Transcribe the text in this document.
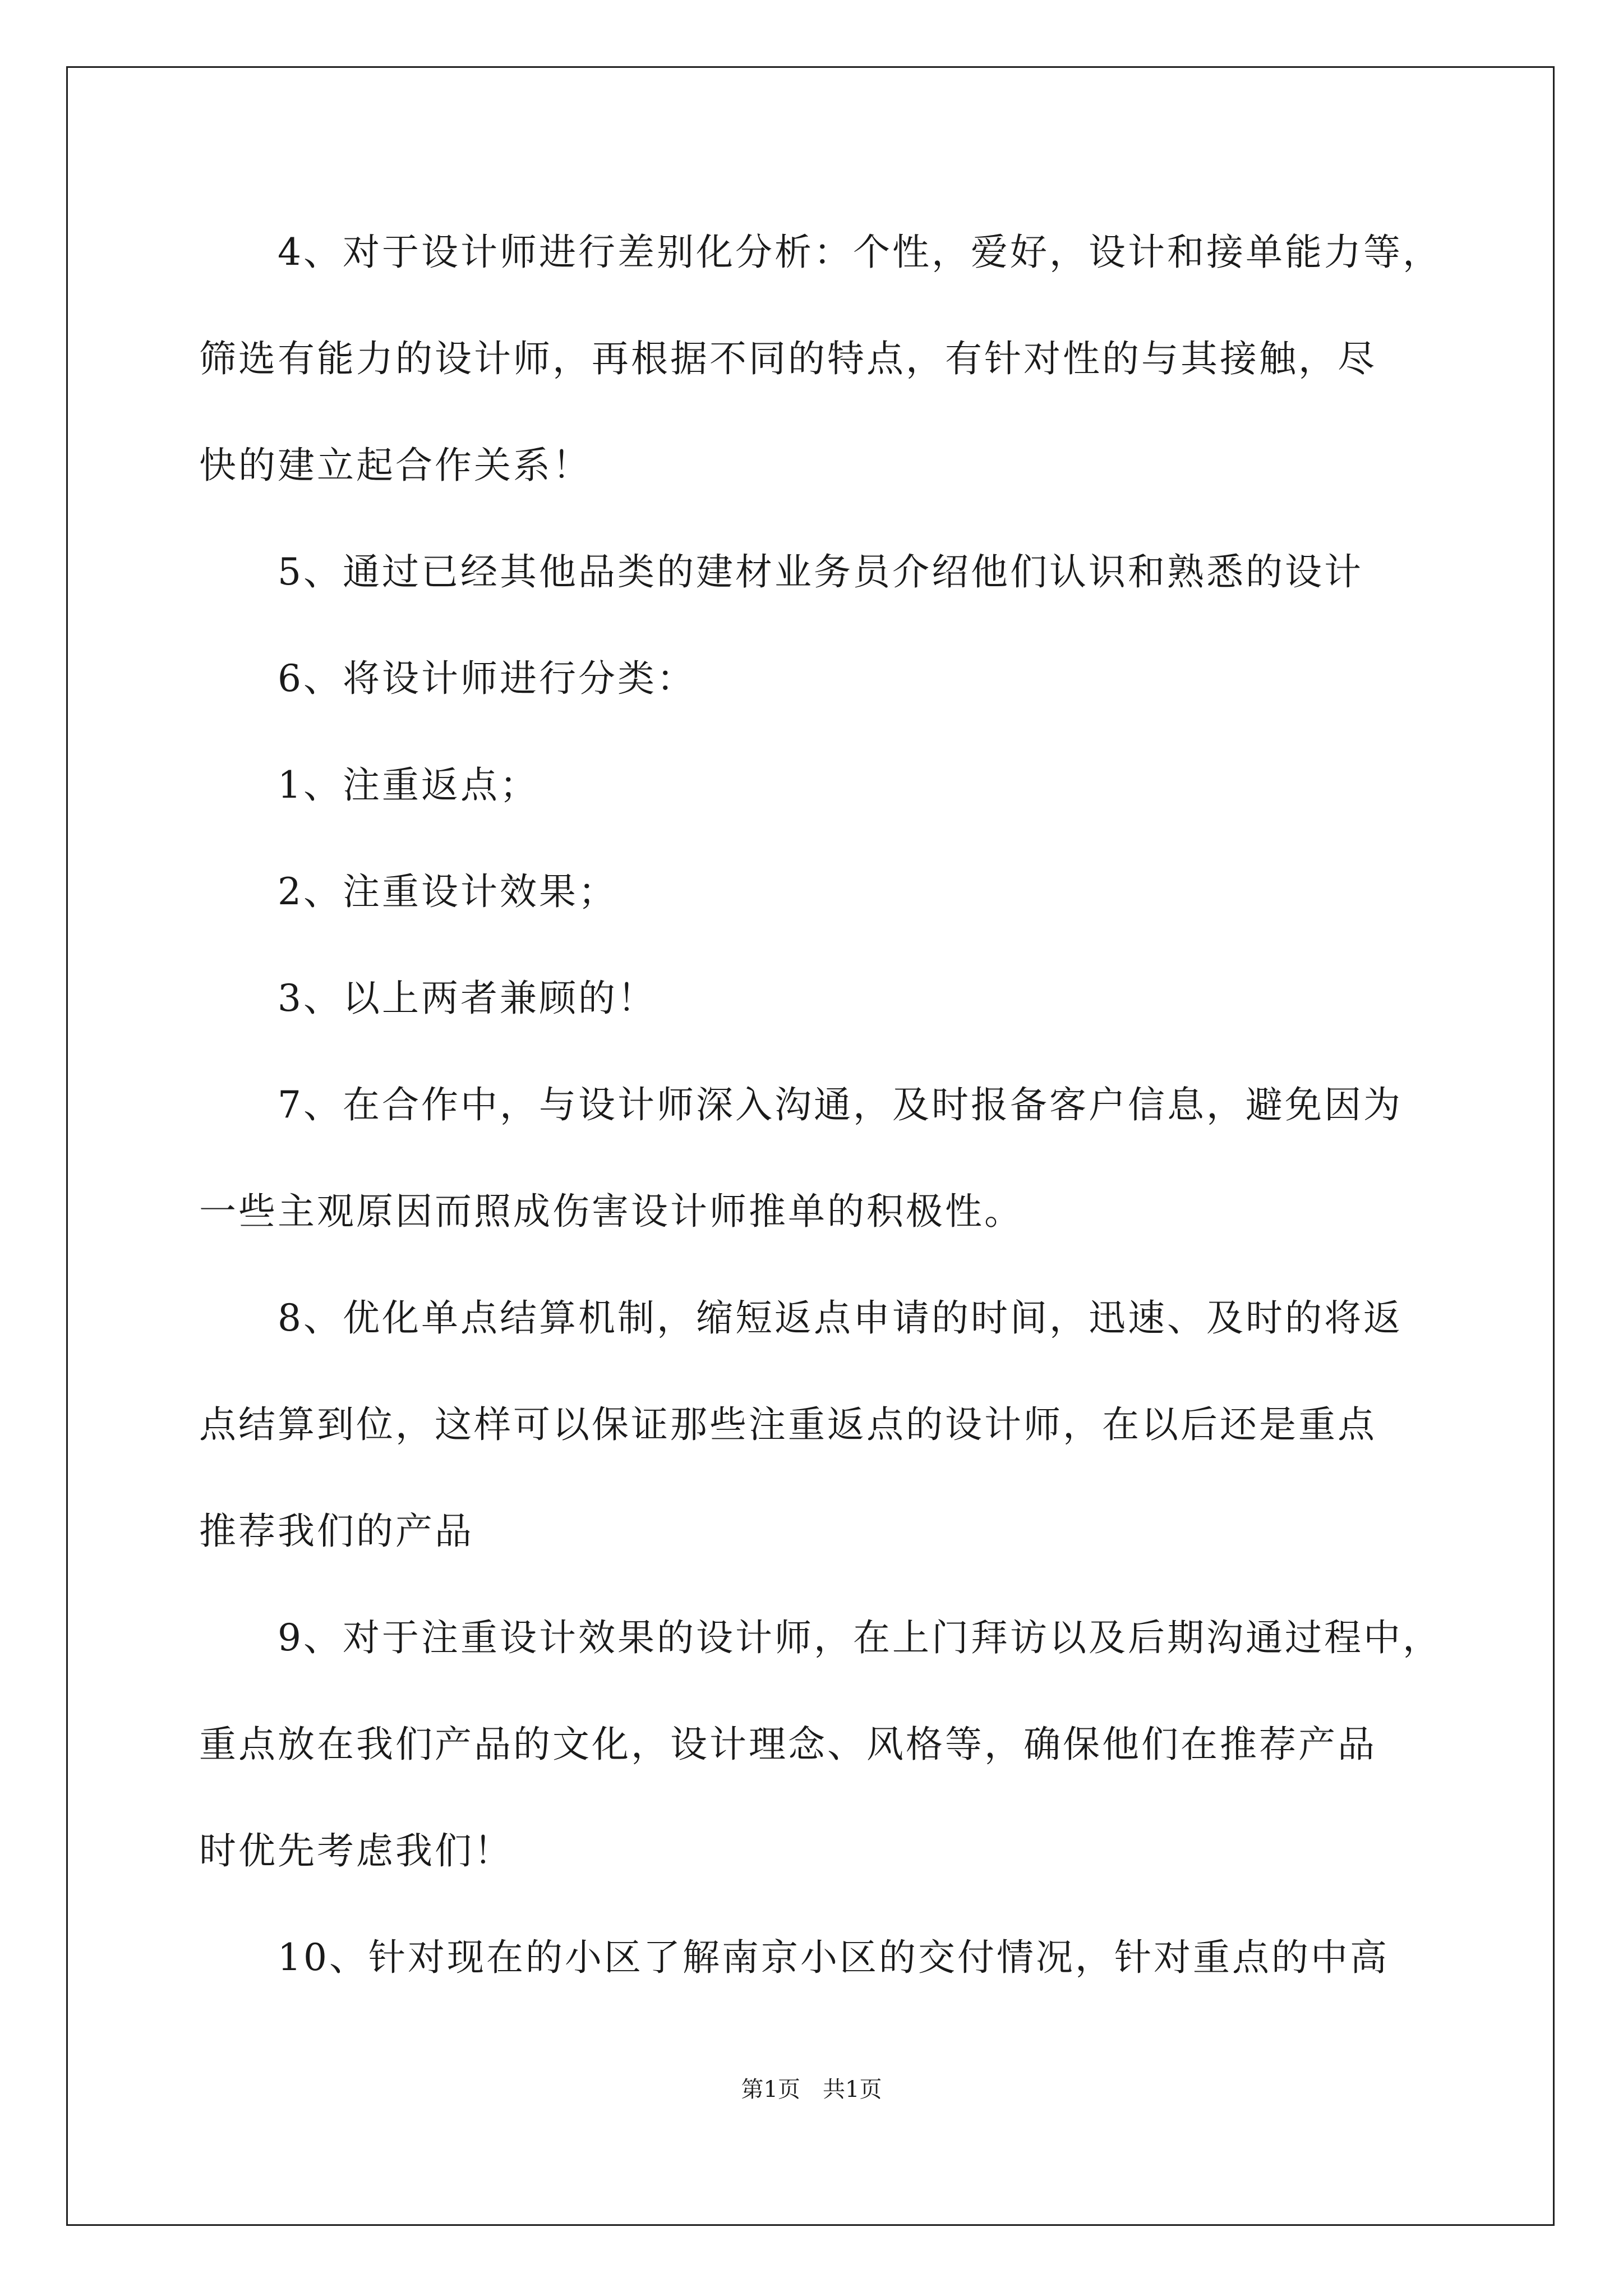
4、对于设计师进行差别化分析：个性，爱好，设计和接单能力等，
筛选有能力的设计师，再根据不同的特点，有针对性的与其接触，尽
快的建立起合作关系！
5、通过已经其他品类的建材业务员介绍他们认识和熟悉的设计
6、将设计师进行分类：
1、注重返点；
2、注重设计效果；
3、以上两者兼顾的！
7、在合作中，与设计师深入沟通，及时报备客户信息，避免因为
一些主观原因而照成伤害设计师推单的积极性。
8、优化单点结算机制，缩短返点申请的时间，迅速、及时的将返
点结算到位，这样可以保证那些注重返点的设计师，在以后还是重点
推荐我们的产品
9、对于注重设计效果的设计师，在上门拜访以及后期沟通过程中，
重点放在我们产品的文化，设计理念、风格等，确保他们在推荐产品
时优先考虑我们！
10、针对现在的小区了解南京小区的交付情况，针对重点的中高
第1页　共1页
